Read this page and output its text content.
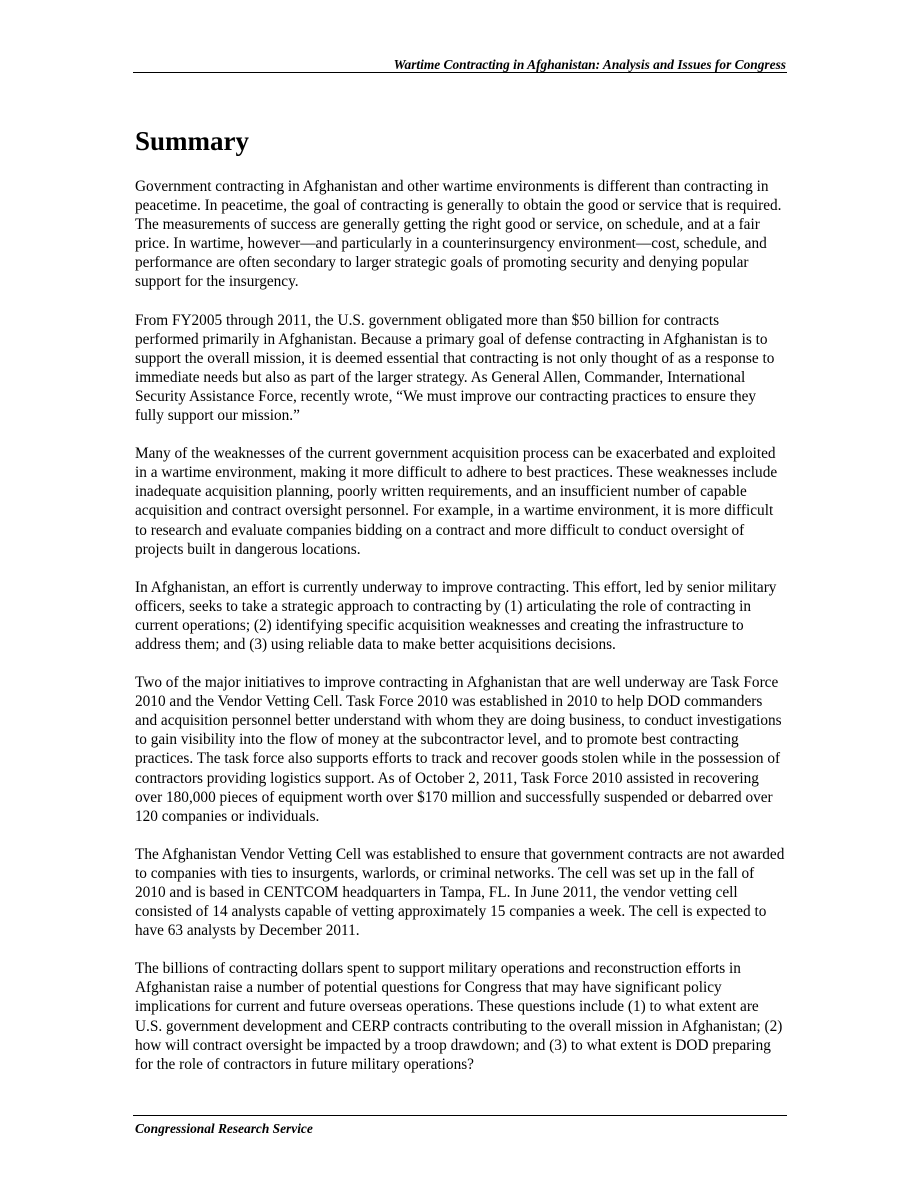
Wartime Contracting in Afghanistan: Analysis and Issues for Congress
Summary

Government contracting in Afghanistan and other wartime environments is different than contracting in peacetime. In peacetime, the goal of contracting is generally to obtain the good or service that is required. The measurements of success are generally getting the right good or service, on schedule, and at a fair price. In wartime, however—and particularly in a counterinsurgency environment—cost, schedule, and performance are often secondary to larger strategic goals of promoting security and denying popular support for the insurgency.

From FY2005 through 2011, the U.S. government obligated more than $50 billion for contracts performed primarily in Afghanistan. Because a primary goal of defense contracting in Afghanistan is to support the overall mission, it is deemed essential that contracting is not only thought of as a response to immediate needs but also as part of the larger strategy. As General Allen, Commander, International Security Assistance Force, recently wrote, “We must improve our contracting practices to ensure they fully support our mission.”

Many of the weaknesses of the current government acquisition process can be exacerbated and exploited in a wartime environment, making it more difficult to adhere to best practices. These weaknesses include inadequate acquisition planning, poorly written requirements, and an insufficient number of capable acquisition and contract oversight personnel. For example, in a wartime environment, it is more difficult to research and evaluate companies bidding on a contract and more difficult to conduct oversight of projects built in dangerous locations.

In Afghanistan, an effort is currently underway to improve contracting. This effort, led by senior military officers, seeks to take a strategic approach to contracting by (1) articulating the role of contracting in current operations; (2) identifying specific acquisition weaknesses and creating the infrastructure to address them; and (3) using reliable data to make better acquisitions decisions.

Two of the major initiatives to improve contracting in Afghanistan that are well underway are Task Force 2010 and the Vendor Vetting Cell. Task Force 2010 was established in 2010 to help DOD commanders and acquisition personnel better understand with whom they are doing business, to conduct investigations to gain visibility into the flow of money at the subcontractor level, and to promote best contracting practices. The task force also supports efforts to track and recover goods stolen while in the possession of contractors providing logistics support. As of October 2, 2011, Task Force 2010 assisted in recovering over 180,000 pieces of equipment worth over $170 million and successfully suspended or debarred over 120 companies or individuals.

The Afghanistan Vendor Vetting Cell was established to ensure that government contracts are not awarded to companies with ties to insurgents, warlords, or criminal networks. The cell was set up in the fall of 2010 and is based in CENTCOM headquarters in Tampa, FL. In June 2011, the vendor vetting cell consisted of 14 analysts capable of vetting approximately 15 companies a week. The cell is expected to have 63 analysts by December 2011.

The billions of contracting dollars spent to support military operations and reconstruction efforts in Afghanistan raise a number of potential questions for Congress that may have significant policy implications for current and future overseas operations. These questions include (1) to what extent are U.S. government development and CERP contracts contributing to the overall mission in Afghanistan; (2) how will contract oversight be impacted by a troop drawdown; and (3) to what extent is DOD preparing for the role of contractors in future military operations?

Congressional Research Service
